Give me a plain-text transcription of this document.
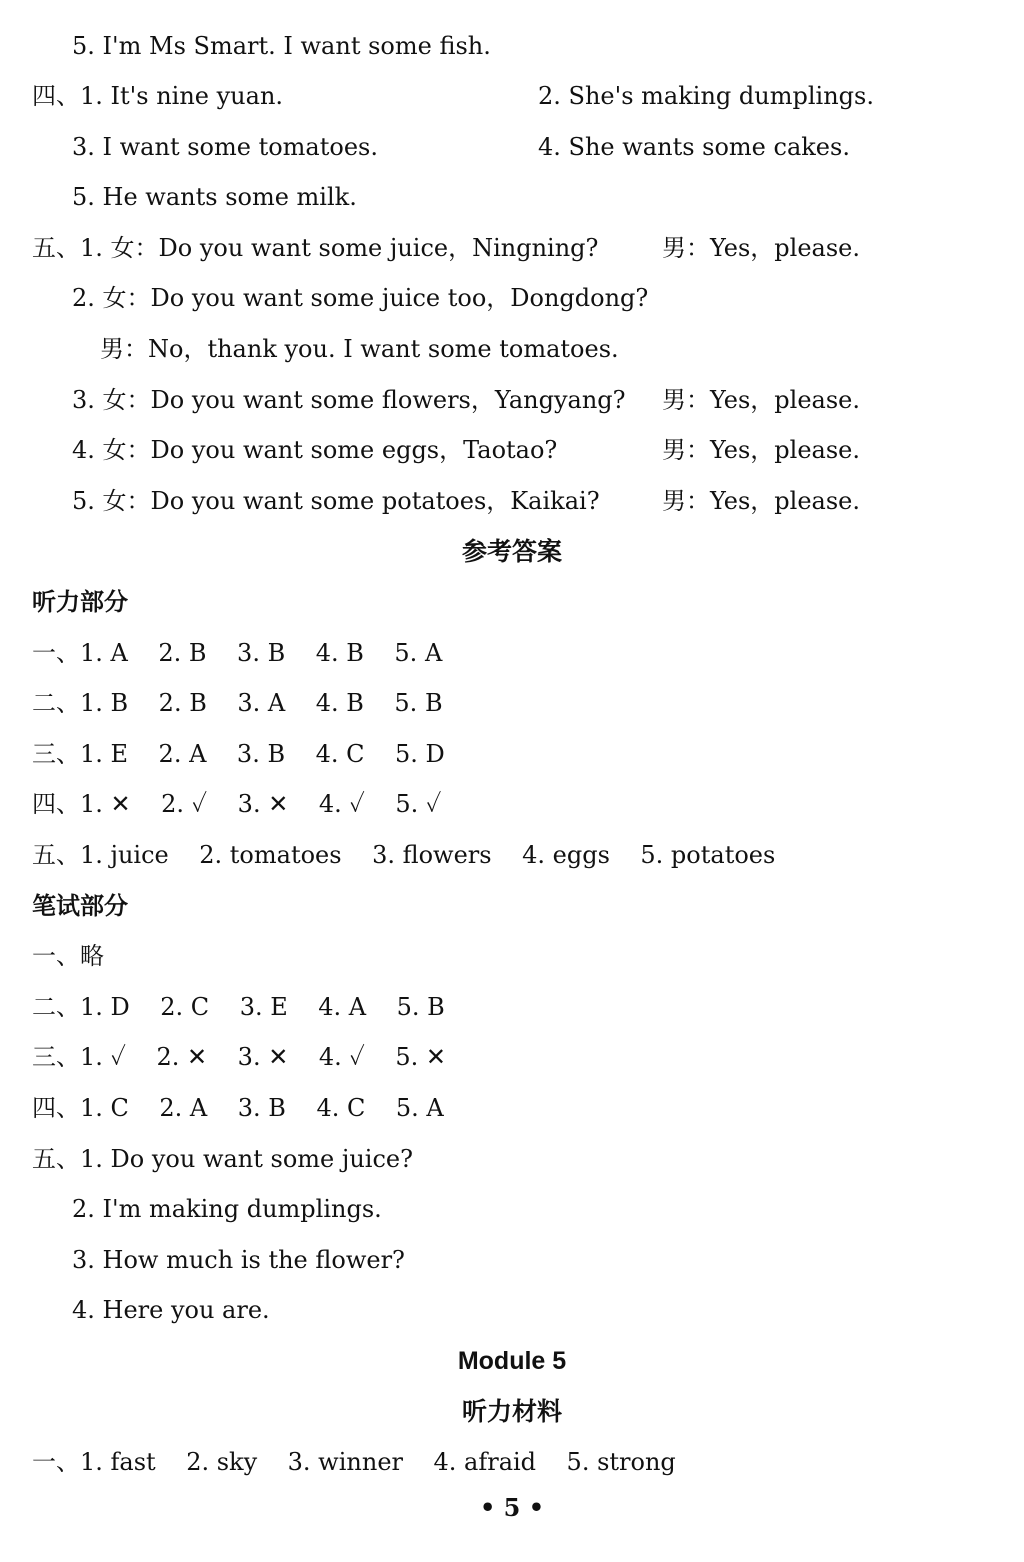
5. I'm Ms Smart. I want some fish.

四、1. It's nine yuan.

	2. She's making dumplings.

3. I want some tomatoes.

	4. She wants some cakes.

5. He wants some milk.

五、1. 女：Do you want some juice，Ningning?

	男：Yes，please.

2. 女：Do you want some juice too，Dongdong?

男：No，thank you. I want some tomatoes.

3. 女：Do you want some flowers，Yangyang?

男：Yes，please.

4. 女：Do you want some eggs，Taotao?

	男：Yes，please.

5. 女：Do you want some potatoes，Kaikai?

	男：Yes，please.

参考答案
听力部分

一、1. A    2. B    3. B    4. B    5. A

二、1. B    2. B    3. A    4. B    5. B

三、1. E    2. A    3. B    4. C    5. D

四、1. ✕    2. ✓    3. ✕    4. ✓    5. ✓

五、1. juice    2. tomatoes    3. flowers    4. eggs    5. potatoes

笔试部分

一、略

二、1. D    2. C    3. E    4. A    5. B

三、1. ✓    2. ✕    3. ✕    4. ✓    5. ✕

四、1. C    2. A    3. B    4. C    5. A

五、1. Do you want some juice?

2. I'm making dumplings.

3. How much is the flower?

4. Here you are.

Module 5
听力材料

一、1. fast    2. sky    3. winner    4. afraid    5. strong

• 5 •
